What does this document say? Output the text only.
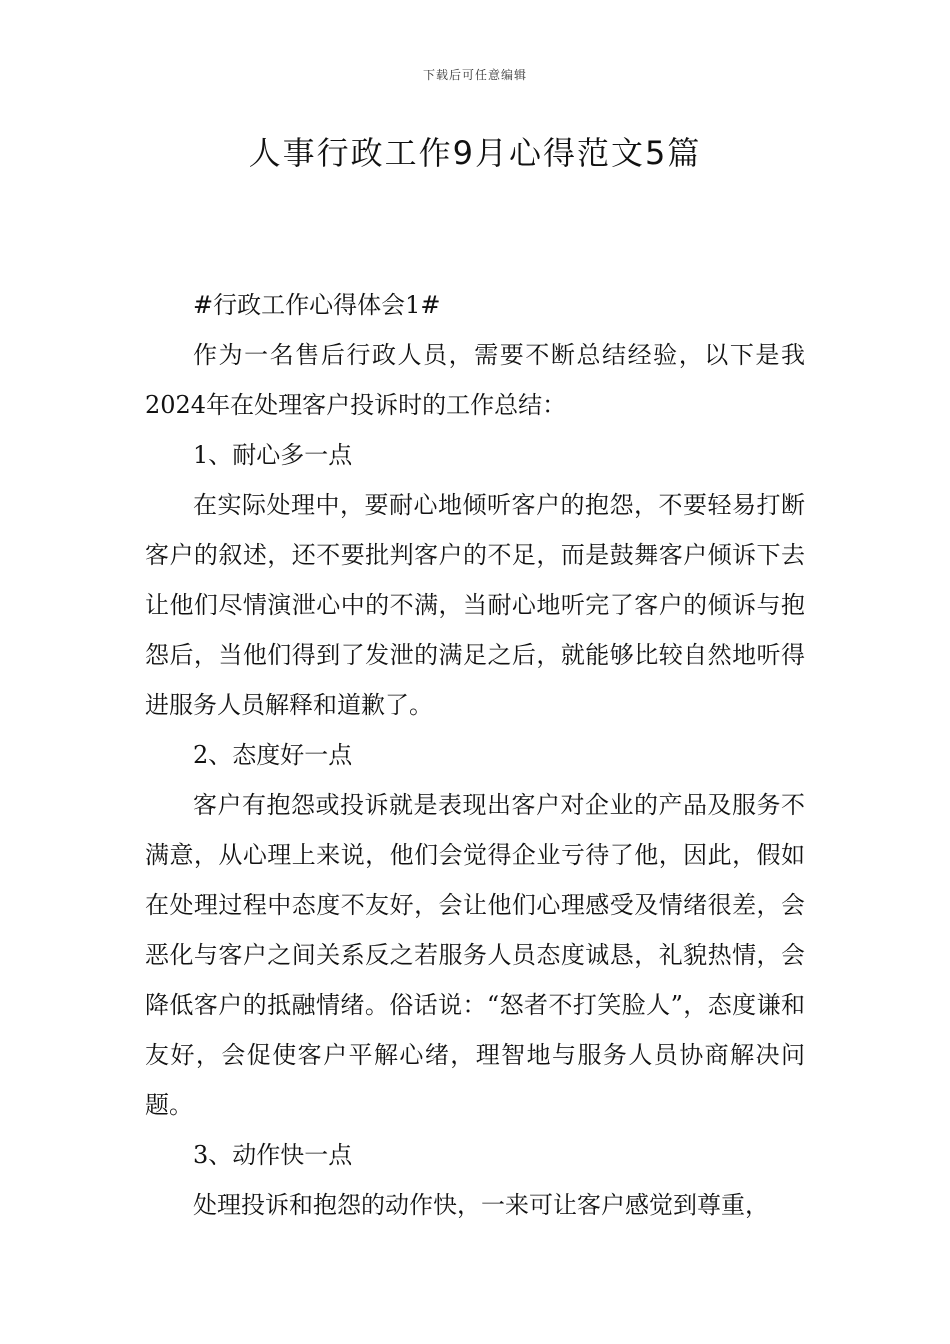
下载后可任意编辑
人事行政工作9月心得范文5篇

#行政工作心得体会1#

作为一名售后行政人员，需要不断总结经验，以下是我2024年在处理客户投诉时的工作总结：

1、耐心多一点

在实际处理中，要耐心地倾听客户的抱怨，不要轻易打断客户的叙述，还不要批判客户的不足，而是鼓舞客户倾诉下去让他们尽情演泄心中的不满，当耐心地听完了客户的倾诉与抱怨后，当他们得到了发泄的满足之后，就能够比较自然地听得进服务人员解释和道歉了。

2、态度好一点

客户有抱怨或投诉就是表现出客户对企业的产品及服务不满意，从心理上来说，他们会觉得企业亏待了他，因此，假如在处理过程中态度不友好，会让他们心理感受及情绪很差，会恶化与客户之间关系反之若服务人员态度诚恳，礼貌热情，会降低客户的抵融情绪。俗话说：“怒者不打笑脸人”，态度谦和友好，会促使客户平解心绪，理智地与服务人员协商解决问题。

3、动作快一点

处理投诉和抱怨的动作快，一来可让客户感觉到尊重，
